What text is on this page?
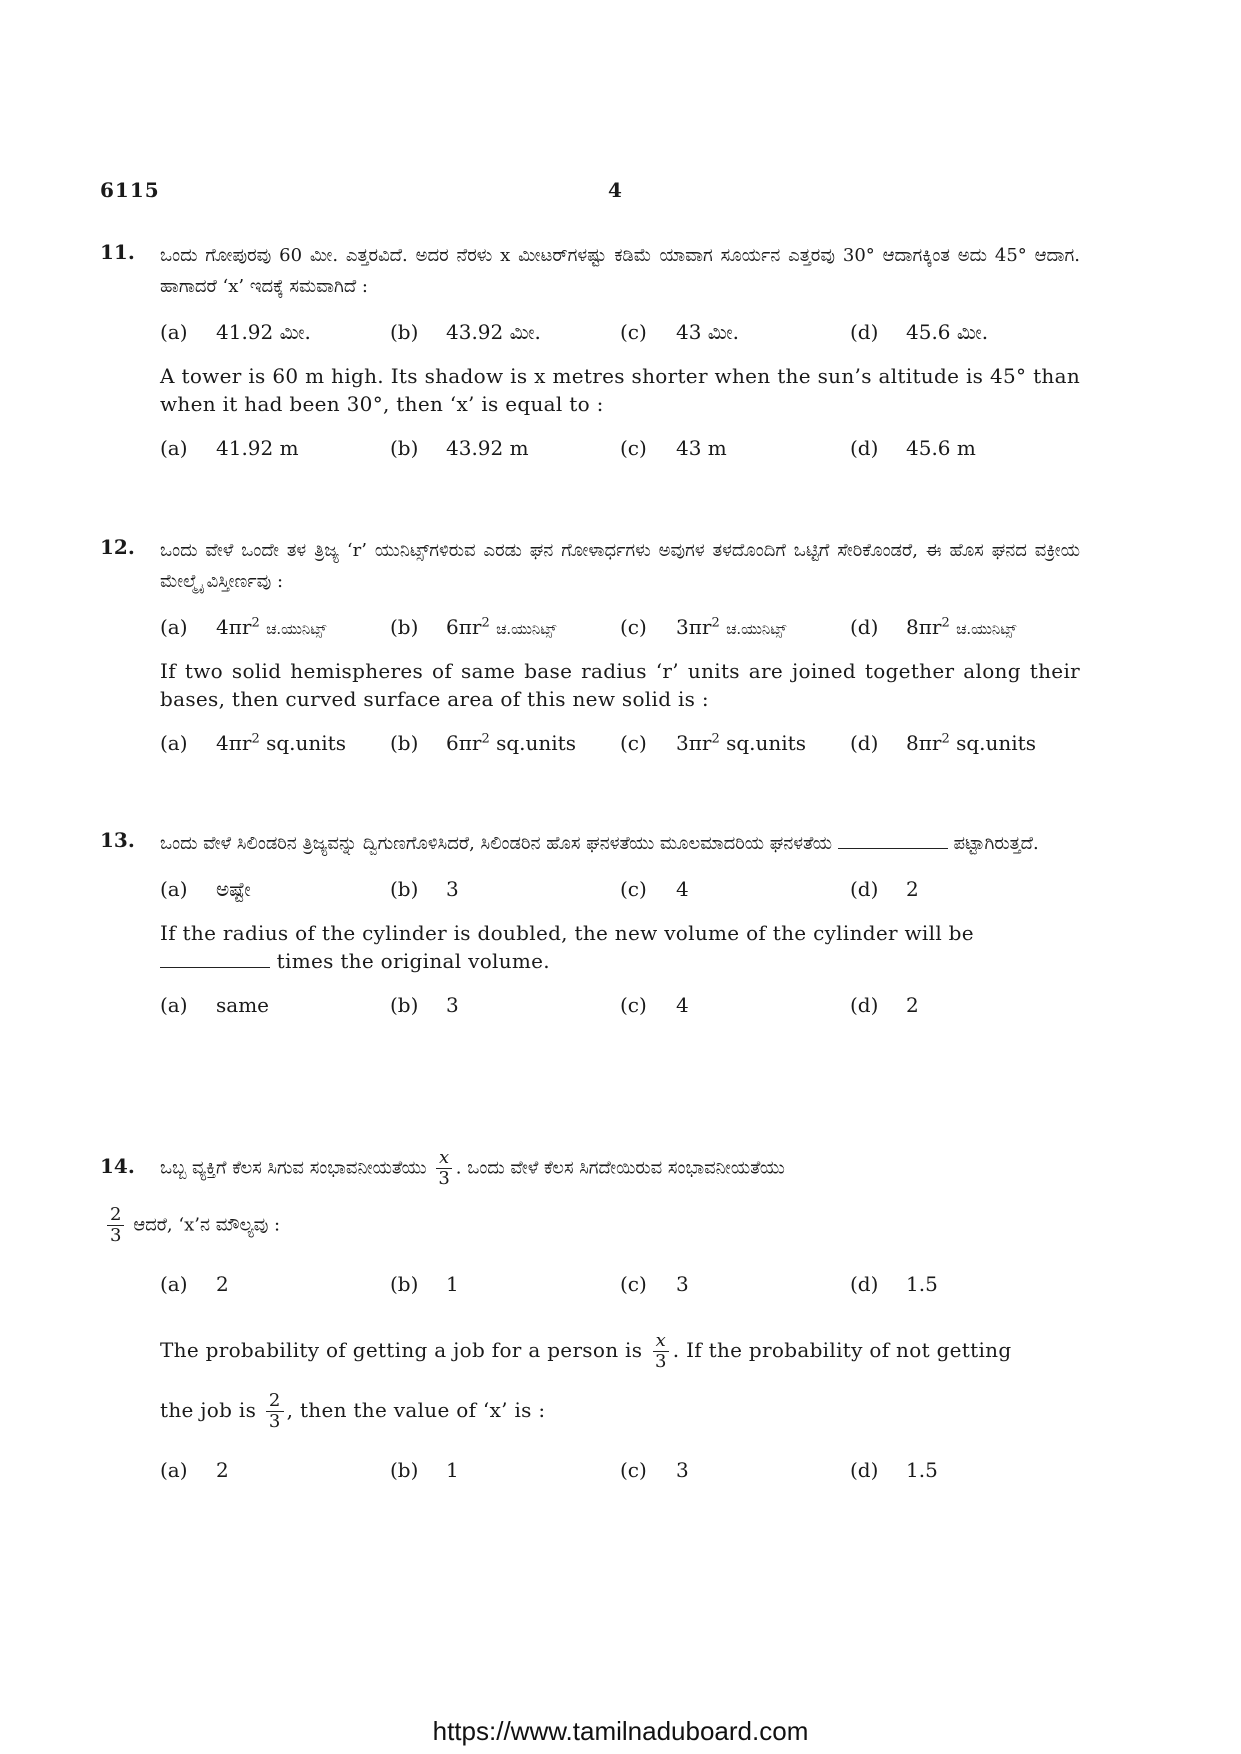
6115	4
11. ಒಂದು ಗೋಪುರವು 60 ಮೀ. ಎತ್ತರವಿದೆ. ಅದರ ನೆರಳು x ಮೀಟರ್‌ಗಳಷ್ಟು ಕಡಿಮೆ ಯಾವಾಗ ಸೂರ್ಯನ ಎತ್ತರವು 30° ಆದಾಗಕ್ಕಿಂತ ಅದು 45° ಆದಾಗ. ಹಾಗಾದರೆ ‘x’ ಇದಕ್ಕೆ ಸಮವಾಗಿದೆ :
(a) 41.92 ಮೀ.	(b) 43.92 ಮೀ.	(c) 43 ಮೀ.	(d) 45.6 ಮೀ.
A tower is 60 m high. Its shadow is x metres shorter when the sun’s altitude is 45° than when it had been 30°, then ‘x’ is equal to :
(a) 41.92 m	(b) 43.92 m	(c) 43 m	(d) 45.6 m
12. ಒಂದು ವೇಳೆ ಒಂದೇ ತಳ ತ್ರಿಜ್ಯ ‘r’ ಯುನಿಟ್ಸ್‌ಗಳಿರುವ ಎರಡು ಘನ ಗೋಳಾರ್ಧಗಳು ಅವುಗಳ ತಳದೊಂದಿಗೆ ಒಟ್ಟಿಗೆ ಸೇರಿಕೊಂಡರೆ, ಈ ಹೊಸ ಘನದ ವಕ್ರೀಯ ಮೇಲ್ಮೈ ವಿಸ್ತೀರ್ಣವು :
(a) $4\pi r^2$ ಚ.ಯುನಿಟ್ಸ್	(b) $6\pi r^2$ ಚ.ಯುನಿಟ್ಸ್	(c) $3\pi r^2$ ಚ.ಯುನಿಟ್ಸ್	(d) $8\pi r^2$ ಚ.ಯುನಿಟ್ಸ್
If two solid hemispheres of same base radius ‘r’ units are joined together along their bases, then curved surface area of this new solid is :
(a) $4\pi r^2$ sq.units	(b) $6\pi r^2$ sq.units	(c) $3\pi r^2$ sq.units	(d) $8\pi r^2$ sq.units
13. ಒಂದು ವೇಳೆ ಸಿಲಿಂಡರಿನ ತ್ರಿಜ್ಯವನ್ನು ದ್ವಿಗುಣಗೊಳಿಸಿದರೆ, ಸಿಲಿಂಡರಿನ ಹೊಸ ಘನಳತೆಯು ಮೂಲಮಾದರಿಯ ಘನಳತೆಯ	ಪಟ್ಟಾಗಿರುತ್ತದೆ.
(a) ಅಷ್ಟೇ	(b) 3	(c) 4	(d) 2
If the radius of the cylinder is doubled, the new volume of the cylinder will be
times the original volume.
(a) same	(b) 3	(c) 4	(d) 2
14. ಒಬ್ಬ ವ್ಯಕ್ತಿಗೆ ಕೆಲಸ ಸಿಗುವ ಸಂಭಾವನೀಯತೆಯು $\frac{x}{3}$ . ಒಂದು ವೇಳೆ ಕೆಲಸ ಸಿಗದೇಯಿರುವ ಸಂಭಾವನೀಯತೆಯು
$\frac{2}{3}$ ಆದರೆ, ‘x’ನ ಮೌಲ್ಯವು :
(a) 2	(b) 1	(c) 3	(d) 1.5
The probability of getting a job for a person is $\frac{x}{3}$ . If the probability of not getting
the job is $\frac{2}{3}$ , then the value of ‘x’ is :
(a) 2	(b) 1	(c) 3	(d) 1.5
https://www.tamilnaduboard.com
